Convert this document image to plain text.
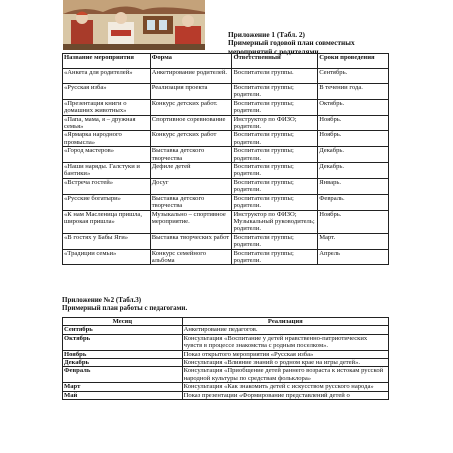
Приложение 1 (Табл. 2)
Примерный годовой план совместных
мероприятий с родителями.
Название мероприятия	Форма	Ответственный	Сроки проведения
«Анкета для родителей»	Анкетирование родителей.	Воспитатели группы.	Сентябрь.
«Русская изба»	Реализация проекта	Воспитатели группы; родители.	В течении года.
«Презентация книги о домашних животных»	Конкурс детских работ.	Воспитатели группы; родители.	Октябрь.
«Папа, мама, я – дружная семья»	Спортивное соревнование	Инструктор по ФИЗО; родители.	Ноябрь.
«Ярмарка народного промысла»	Конкурс детских работ	Воспитатели группы; родители.	Ноябрь.
«Город мастеров»	Выставка детского творчества	Воспитатели группы; родители.	Декабрь.
«Наши наряды. Галстуки и бантики»	Дефиле детей	Воспитатели группы; родители.	Декабрь.
«Встреча гостей»	Досуг	Воспитатели группы; родители.	Январь.
«Русские богатыри»	Выставка детского творчества	Воспитатели группы; родители.	Февраль.
«К нам Масленица пришла, широкая пришла»	Музыкально – спортивное мероприятие.	Инструктор по ФИЗО; Музыкальный руководитель; родители.	Ноябрь.
«В гостях у Бабы Яги»	Выставка творческих работ	Воспитатели группы; родители.	Март.
«Традиции семьи»	Конкурс семейного альбома	Воспитатели группы; родители.	Апрель
Приложение №2 (Табл.3)
Примерный план работы с педагогами.
Месяц	Реализация
Сентябрь	Анкетирование педагогов.
Октябрь	Консультация «Воспитание у детей нравственно-патриотических чувств в процессе знакомства с родным поселком».
Ноябрь	Показ открытого мероприятия «Русская изба»
Декабрь	Консультация «Влияние знаний о родном крае на игры детей».
Февраль	Консультация «Приобщение детей раннего возраста к истокам русской народной культуры по средствам фольклора»
Март	Консультация «Как знакомить детей с искусством русского народа»
Май	Показ презентации «Формирование представлений детей о
